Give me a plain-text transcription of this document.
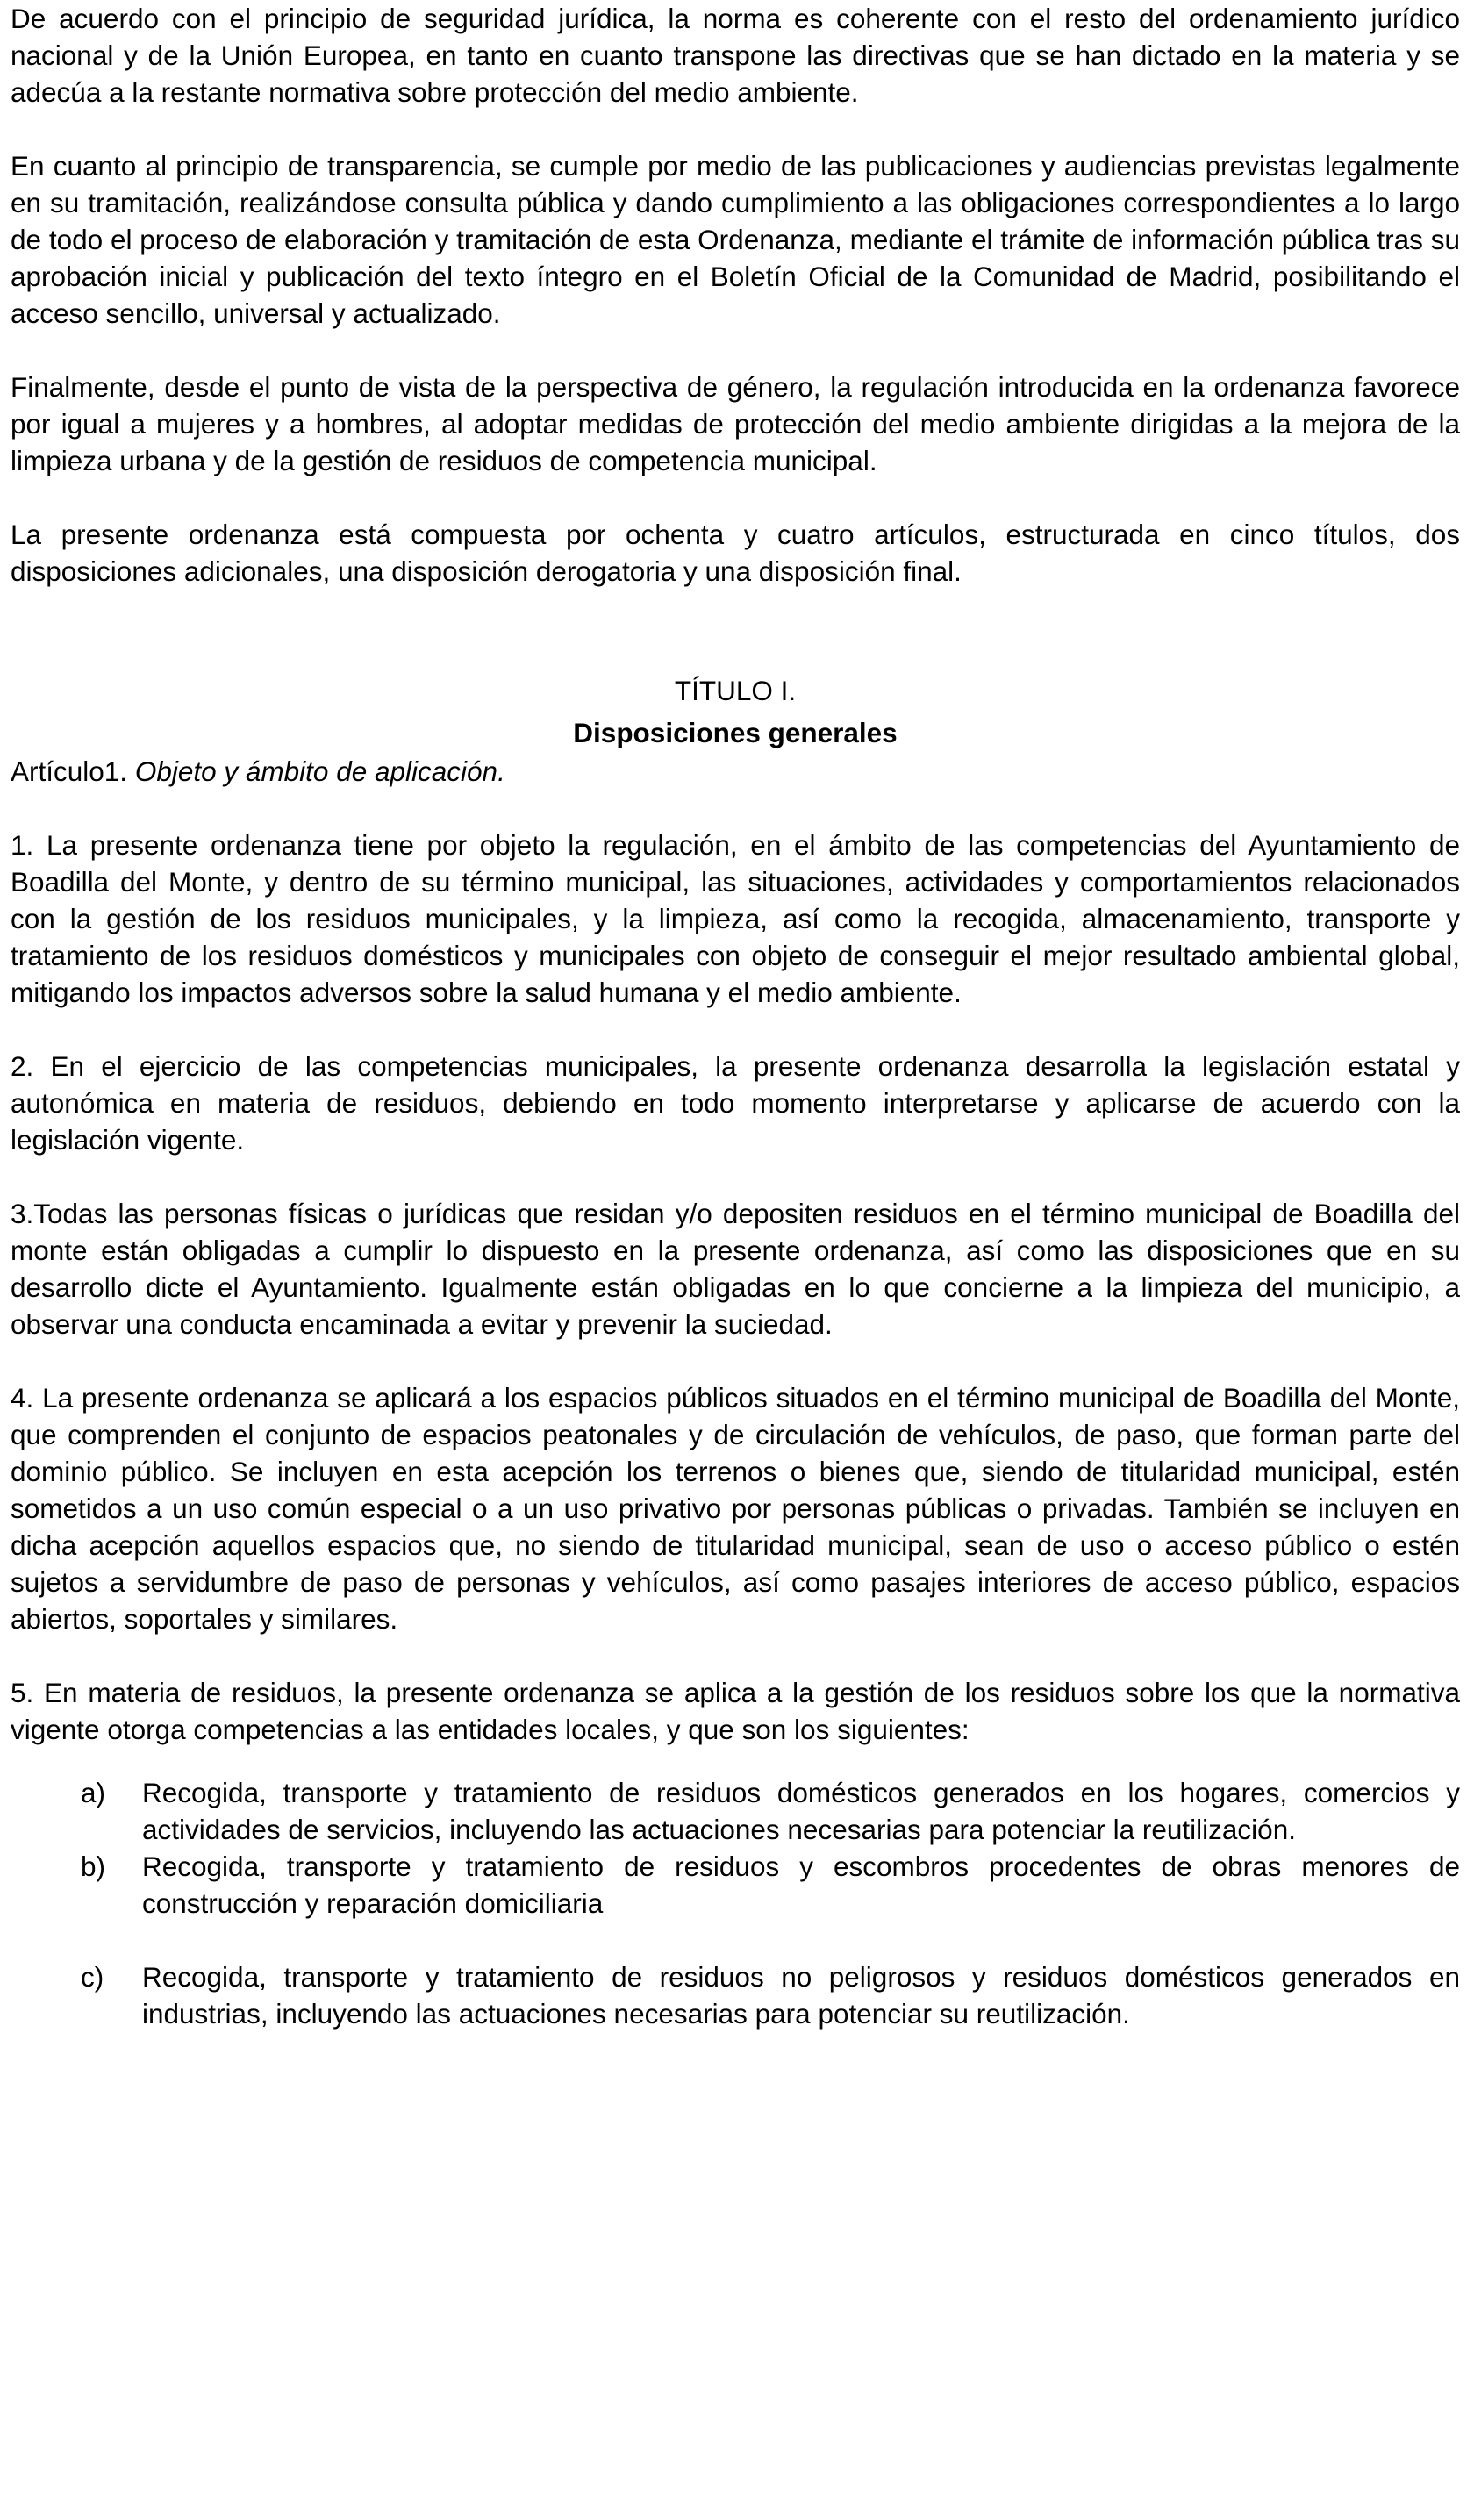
De acuerdo con el principio de seguridad jurídica, la norma es coherente con el resto del ordenamiento jurídico nacional y de la Unión Europea, en tanto en cuanto transpone las directivas que se han dictado en la materia y se adecúa a la restante normativa sobre protección del medio ambiente.

En cuanto al principio de transparencia, se cumple por medio de las publicaciones y audiencias previstas legalmente en su tramitación, realizándose consulta pública y dando cumplimiento a las obligaciones correspondientes a lo largo de todo el proceso de elaboración y tramitación de esta Ordenanza, mediante el trámite de información pública tras su aprobación inicial y publicación del texto íntegro en el Boletín Oficial de la Comunidad de Madrid, posibilitando el acceso sencillo, universal y actualizado.

Finalmente, desde el punto de vista de la perspectiva de género, la regulación introducida en la ordenanza favorece por igual a mujeres y a hombres, al adoptar medidas de protección del medio ambiente dirigidas a la mejora de la limpieza urbana y de la gestión de residuos de competencia municipal.

La presente ordenanza está compuesta por ochenta y cuatro artículos, estructurada en cinco títulos, dos disposiciones adicionales, una disposición derogatoria y una disposición final.

TÍTULO I.

Disposiciones generales

Artículo1. Objeto y ámbito de aplicación.

1. La presente ordenanza tiene por objeto la regulación, en el ámbito de las competencias del Ayuntamiento de Boadilla del Monte, y dentro de su término municipal, las situaciones, actividades y comportamientos relacionados con la gestión de los residuos municipales, y la limpieza, así como la recogida, almacenamiento, transporte y tratamiento de los residuos domésticos y municipales con objeto de conseguir el mejor resultado ambiental global, mitigando los impactos adversos sobre la salud humana y el medio ambiente.

2. En el ejercicio de las competencias municipales, la presente ordenanza desarrolla la legislación estatal y autonómica en materia de residuos, debiendo en todo momento interpretarse y aplicarse de acuerdo con la legislación vigente.

3.Todas las personas físicas o jurídicas que residan y/o depositen residuos en el término municipal de Boadilla del monte están obligadas a cumplir lo dispuesto en la presente ordenanza, así como las disposiciones que en su desarrollo dicte el Ayuntamiento. Igualmente están obligadas en lo que concierne a la limpieza del municipio, a observar una conducta encaminada a evitar y prevenir la suciedad.

4. La presente ordenanza se aplicará a los espacios públicos situados en el término municipal de Boadilla del Monte, que comprenden el conjunto de espacios peatonales y de circulación de vehículos, de paso, que forman parte del dominio público. Se incluyen en esta acepción los terrenos o bienes que, siendo de titularidad municipal, estén sometidos a un uso común especial o a un uso privativo por personas públicas o privadas. También se incluyen en dicha acepción aquellos espacios que, no siendo de titularidad municipal, sean de uso o acceso público o estén sujetos a servidumbre de paso de personas y vehículos, así como pasajes interiores de acceso público, espacios abiertos, soportales y similares.

5. En materia de residuos, la presente ordenanza se aplica a la gestión de los residuos sobre los que la normativa vigente otorga competencias a las entidades locales, y que son los siguientes:

a) Recogida, transporte y tratamiento de residuos domésticos generados en los hogares, comercios y actividades de servicios, incluyendo las actuaciones necesarias para potenciar la reutilización.
b) Recogida, transporte y tratamiento de residuos y escombros procedentes de obras menores de construcción y reparación domiciliaria
c) Recogida, transporte y tratamiento de residuos no peligrosos y residuos domésticos generados en industrias, incluyendo las actuaciones necesarias para potenciar su reutilización.
